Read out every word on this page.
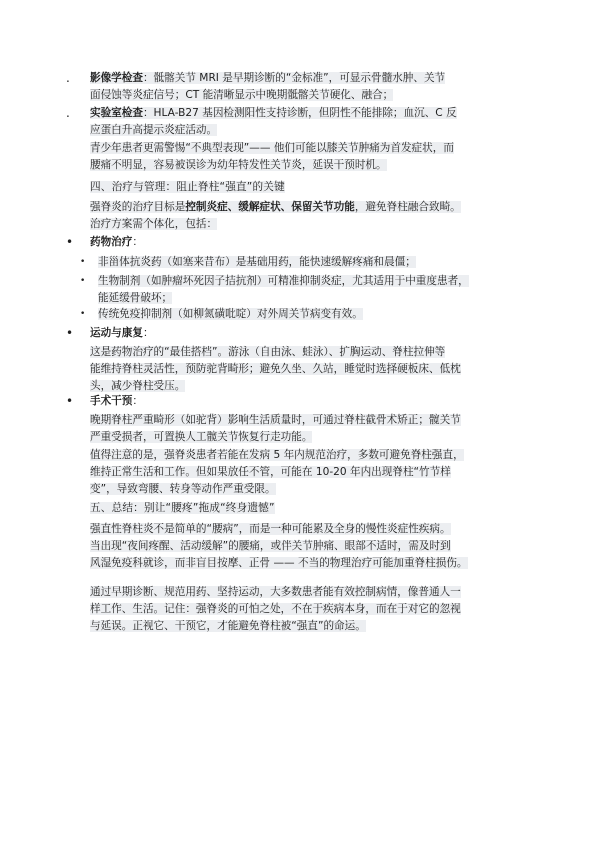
. 影像学检查：骶髂关节 MRI 是早期诊断的“金标准”，可显示骨髓水肿、关节
面侵蚀等炎症信号；CT 能清晰显示中晚期骶髂关节硬化、融合；
. 实验室检查：HLA-B27 基因检测阳性支持诊断，但阴性不能排除；血沉、C 反
应蛋白升高提示炎症活动。
青少年患者更需警惕“不典型表现”—— 他们可能以膝关节肿痛为首发症状，而
腰痛不明显，容易被误诊为幼年特发性关节炎，延误干预时机。
四、治疗与管理：阻止脊柱“强直”的关键
强脊炎的治疗目标是控制炎症、缓解症状、保留关节功能，避免脊柱融合致畸。
治疗方案需个体化，包括：
• 药物治疗：
• 非甾体抗炎药（如塞来昔布）是基础用药，能快速缓解疼痛和晨僵；
• 生物制剂（如肿瘤坏死因子拮抗剂）可精准抑制炎症，尤其适用于中重度患者，
能延缓骨破坏；
• 传统免疫抑制剂（如柳氮磺吡啶）对外周关节病变有效。
• 运动与康复：
这是药物治疗的“最佳搭档”。游泳（自由泳、蛙泳）、扩胸运动、脊柱拉伸等
能维持脊柱灵活性，预防驼背畸形；避免久坐、久站，睡觉时选择硬板床、低枕
头，减少脊柱受压。
• 手术干预：
晚期脊柱严重畸形（如驼背）影响生活质量时，可通过脊柱截骨术矫正；髋关节
严重受损者，可置换人工髋关节恢复行走功能。
值得注意的是，强脊炎患者若能在发病 5 年内规范治疗，多数可避免脊柱强直，
维持正常生活和工作。但如果放任不管，可能在 10-20 年内出现脊柱“竹节样
变”，导致弯腰、转身等动作严重受限。
五、总结：别让“腰疼”拖成“终身遗憾”
强直性脊柱炎不是简单的“腰病”，而是一种可能累及全身的慢性炎症性疾病。
当出现“夜间疼醒、活动缓解”的腰痛，或伴关节肿痛、眼部不适时，需及时到
风湿免疫科就诊，而非盲目按摩、正骨 —— 不当的物理治疗可能加重脊柱损伤。
通过早期诊断、规范用药、坚持运动，大多数患者能有效控制病情，像普通人一
样工作、生活。记住：强脊炎的可怕之处，不在于疾病本身，而在于对它的忽视
与延误。正视它、干预它，才能避免脊柱被“强直”的命运。
